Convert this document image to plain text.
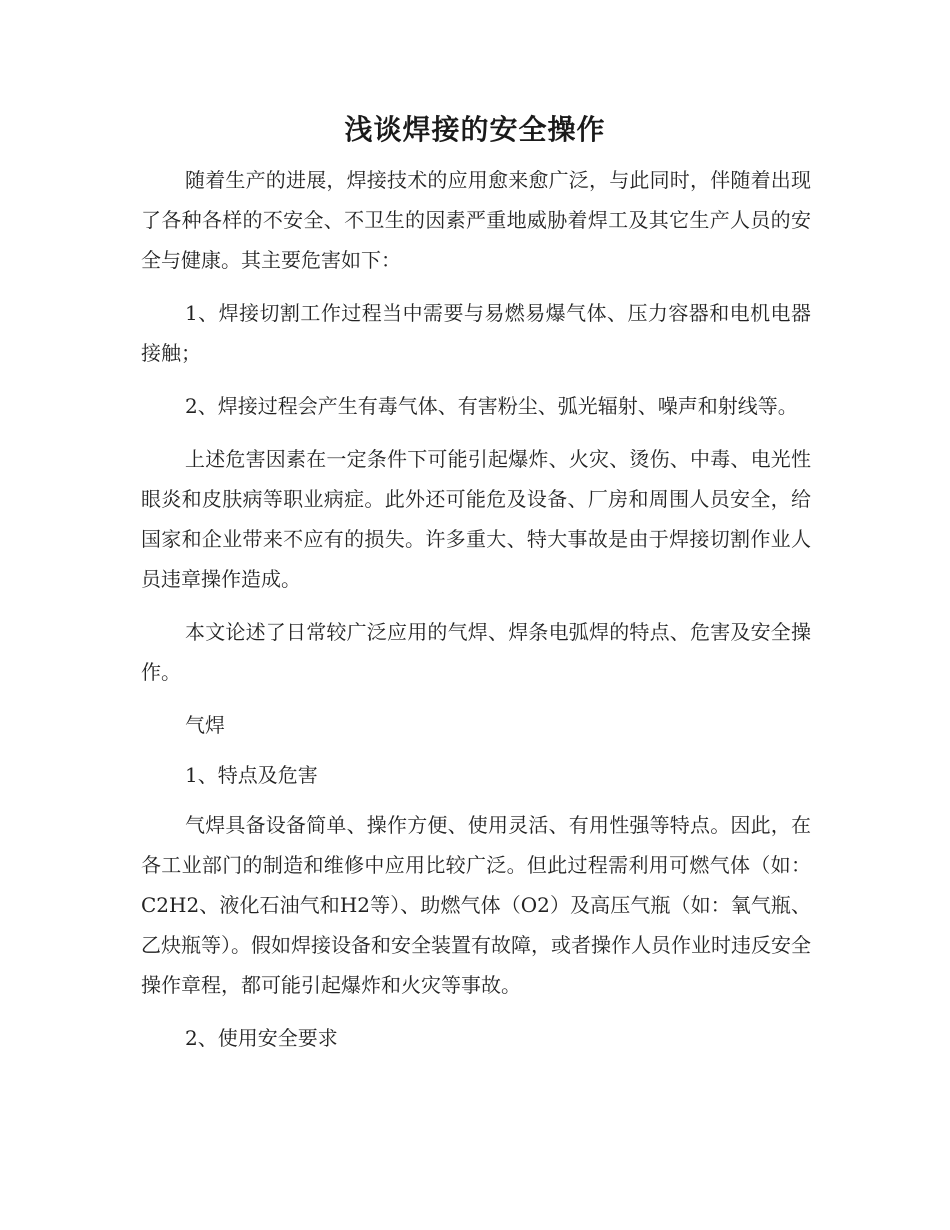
浅谈焊接的安全操作
随着生产的进展，焊接技术的应用愈来愈广泛，与此同时，伴随着出现了各种各样的不安全、不卫生的因素严重地威胁着焊工及其它生产人员的安全与健康。其主要危害如下：
1、焊接切割工作过程当中需要与易燃易爆气体、压力容器和电机电器接触；
2、焊接过程会产生有毒气体、有害粉尘、弧光辐射、噪声和射线等。
上述危害因素在一定条件下可能引起爆炸、火灾、烫伤、中毒、电光性眼炎和皮肤病等职业病症。此外还可能危及设备、厂房和周围人员安全，给国家和企业带来不应有的损失。许多重大、特大事故是由于焊接切割作业人员违章操作造成。
本文论述了日常较广泛应用的气焊、焊条电弧焊的特点、危害及安全操作。
气焊
1、特点及危害
气焊具备设备简单、操作方便、使用灵活、有用性强等特点。因此，在各工业部门的制造和维修中应用比较广泛。但此过程需利用可燃气体（如：C2H2、液化石油气和H2等）、助燃气体（O2）及高压气瓶（如：氧气瓶、乙炔瓶等）。假如焊接设备和安全装置有故障，或者操作人员作业时违反安全操作章程，都可能引起爆炸和火灾等事故。
2、使用安全要求
